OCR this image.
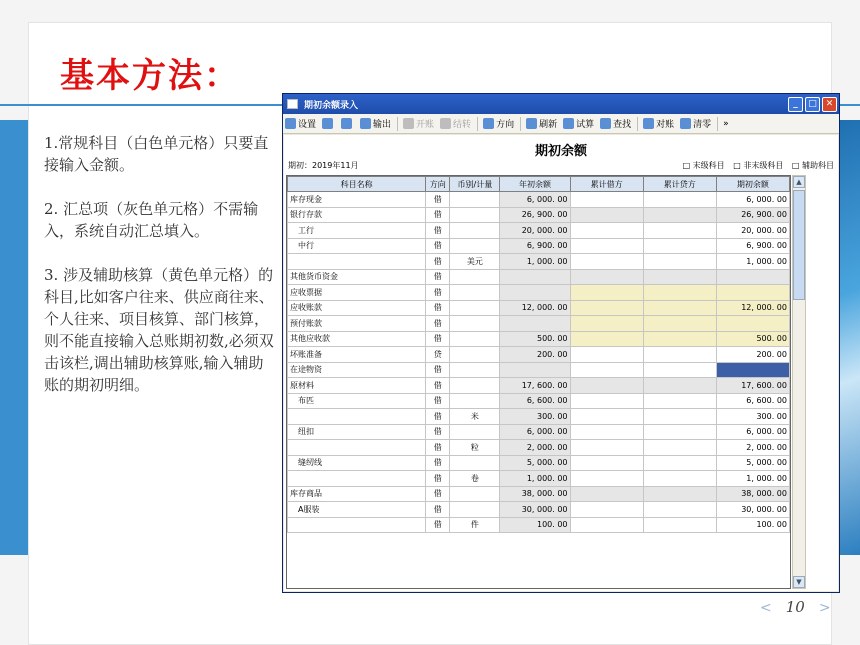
基本方法：

1.常规科目（白色单元格）只要直接输入金额。

2. 汇总项（灰色单元格）不需输入，系统自动汇总填入。

3. 涉及辅助核算（黄色单元格）的科目,比如客户往来、供应商往来、个人往来、项目核算、部门核算，则不能直接输入总账期初数,必须双击该栏,调出辅助核算账,输入辅助账的期初明细。

期初余额录入	_	□ ✕
设置	输出	开账 结转	方向	刷新 试算 查找	对账 清零 »
期初余额
期初：2019年11月	□ 末级科目 □ 非末级科目 □ 辅助科目
科目名称	方向	币别/计量	年初余额	累计借方	累计贷方	期初余额
库存现金	借		6, 000. 00			6, 000. 00
银行存款	借		26, 900. 00			26, 900. 00
　工行	借		20, 000. 00			20, 000. 00
　中行	借		6, 900. 00			6, 900. 00
	借	美元	1, 000. 00			1, 000. 00
其他货币资金	借					
应收票据	借					
应收账款	借		12, 000. 00			12, 000. 00
预付账款	借					
其他应收款	借		500. 00			500. 00
坏账准备	贷		200. 00			200. 00
在途物资	借					
原材料	借		17, 600. 00			17, 600. 00
　布匹	借		6, 600. 00			6, 600. 00
	借	米	300. 00			300. 00
　纽扣	借		6, 000. 00			6, 000. 00
	借	粒	2, 000. 00			2, 000. 00
　缝纫线	借		5, 000. 00			5, 000. 00
	借	卷	1, 000. 00			1, 000. 00
库存商品	借		38, 000. 00			38, 000. 00
　A服装	借		30, 000. 00			30, 000. 00
	借	件	100. 00			100. 00
▲
▼
< 10 >
